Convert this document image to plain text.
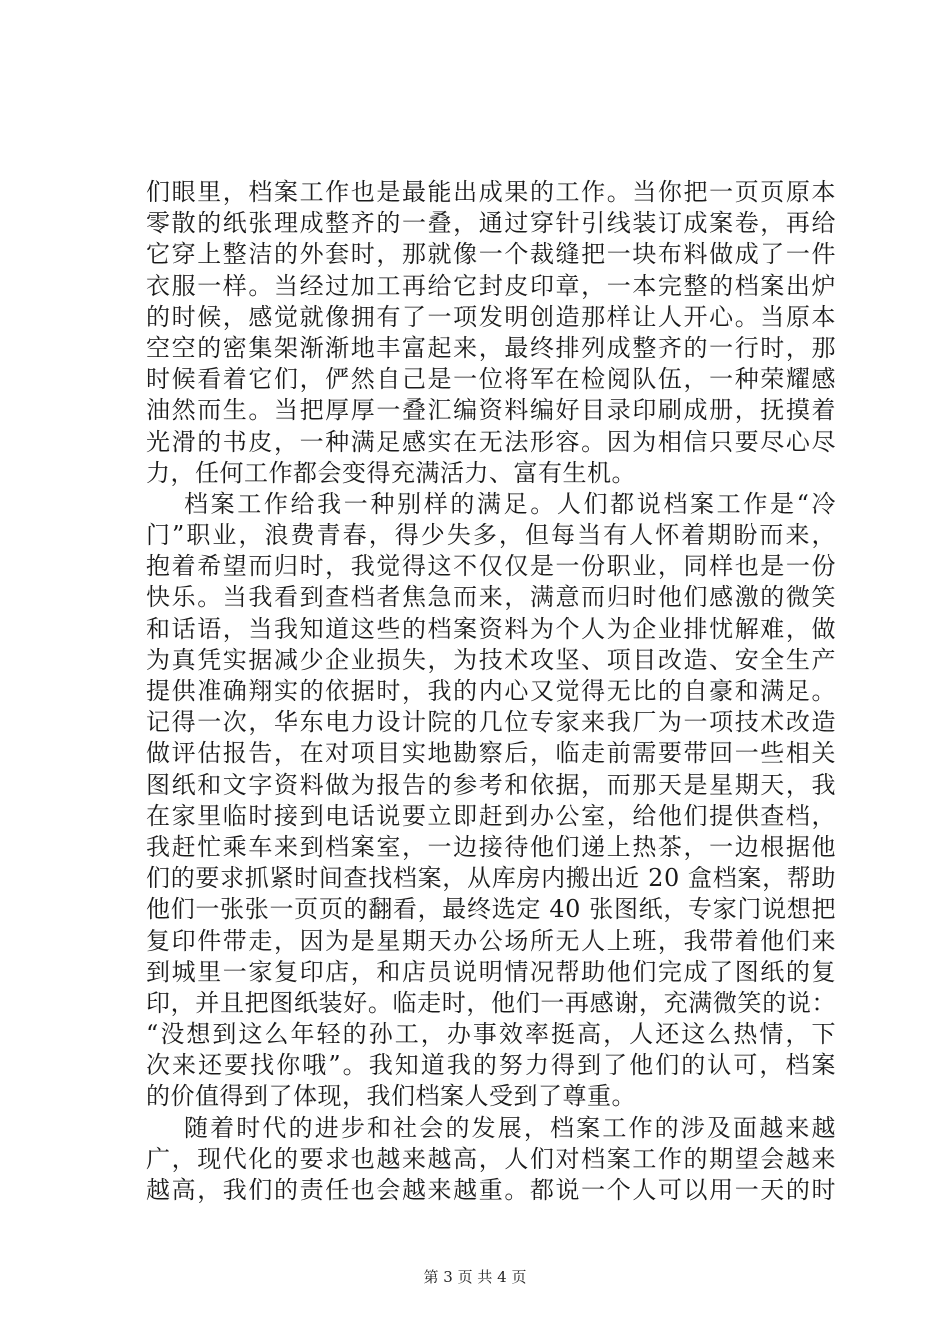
们眼里，档案工作也是最能出成果的工作。当你把一页页原本
零散的纸张理成整齐的一叠，通过穿针引线装订成案卷，再给
它穿上整洁的外套时，那就像一个裁缝把一块布料做成了一件
衣服一样。当经过加工再给它封皮印章，一本完整的档案出炉
的时候，感觉就像拥有了一项发明创造那样让人开心。当原本
空空的密集架渐渐地丰富起来，最终排列成整齐的一行时，那
时候看着它们，俨然自己是一位将军在检阅队伍，一种荣耀感
油然而生。当把厚厚一叠汇编资料编好目录印刷成册，抚摸着
光滑的书皮，一种满足感实在无法形容。因为相信只要尽心尽
力，任何工作都会变得充满活力、富有生机。
档案工作给我一种别样的满足。人们都说档案工作是“冷
门”职业，浪费青春，得少失多，但每当有人怀着期盼而来，
抱着希望而归时，我觉得这不仅仅是一份职业，同样也是一份
快乐。当我看到查档者焦急而来，满意而归时他们感激的微笑
和话语，当我知道这些的档案资料为个人为企业排忧解难，做
为真凭实据减少企业损失，为技术攻坚、项目改造、安全生产
提供准确翔实的依据时，我的内心又觉得无比的自豪和满足。
记得一次，华东电力设计院的几位专家来我厂为一项技术改造
做评估报告，在对项目实地勘察后，临走前需要带回一些相关
图纸和文字资料做为报告的参考和依据，而那天是星期天，我
在家里临时接到电话说要立即赶到办公室，给他们提供查档，
我赶忙乘车来到档案室，一边接待他们递上热茶，一边根据他
们的要求抓紧时间查找档案，从库房内搬出近 20 盒档案，帮助
他们一张张一页页的翻看，最终选定 40 张图纸，专家门说想把
复印件带走，因为是星期天办公场所无人上班，我带着他们来
到城里一家复印店，和店员说明情况帮助他们完成了图纸的复
印，并且把图纸装好。临走时，他们一再感谢，充满微笑的说：
“没想到这么年轻的孙工，办事效率挺高，人还这么热情，下
次来还要找你哦”。我知道我的努力得到了他们的认可，档案
的价值得到了体现，我们档案人受到了尊重。
随着时代的进步和社会的发展，档案工作的涉及面越来越
广，现代化的要求也越来越高，人们对档案工作的期望会越来
越高，我们的责任也会越来越重。都说一个人可以用一天的时
第 3 页 共 4 页
